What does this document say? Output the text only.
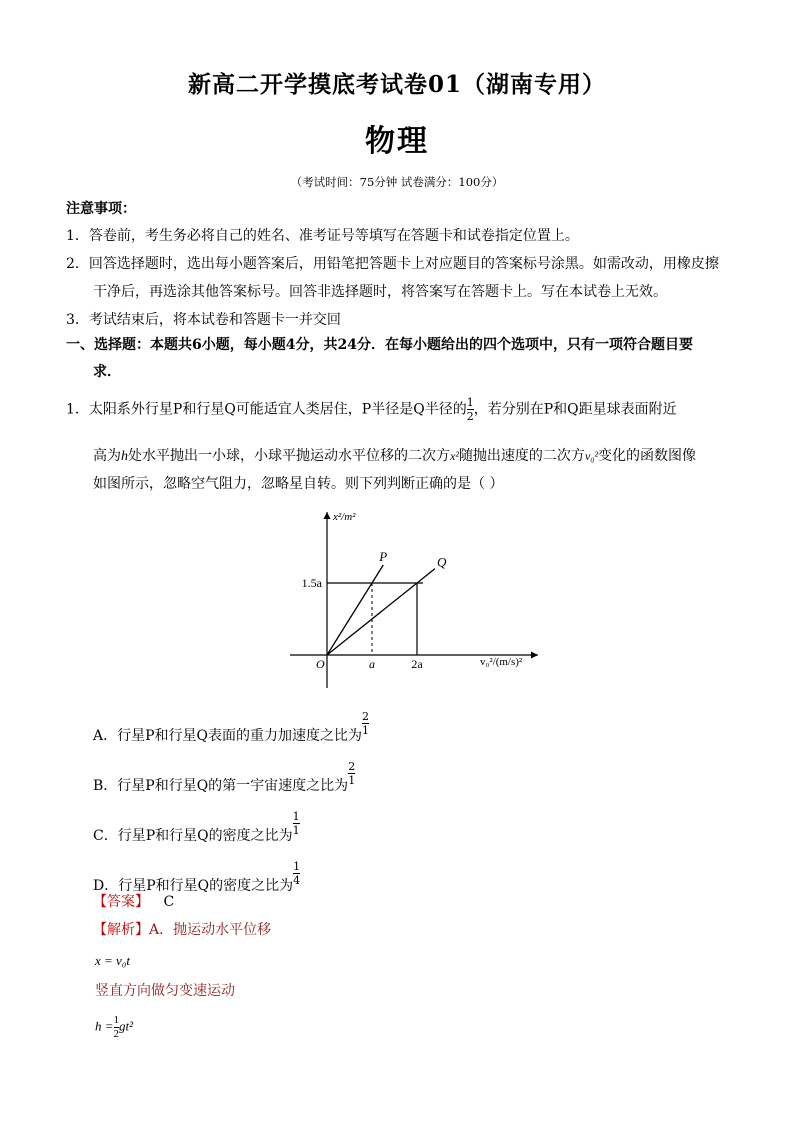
新高二开学摸底考试卷01（湖南专用）
物理
（考试时间：75分钟 试卷满分：100分）
注意事项：
1．答卷前，考生务必将自己的姓名、准考证号等填写在答题卡和试卷指定位置上。
2．回答选择题时，选出每小题答案后，用铅笔把答题卡上对应题目的答案标号涂黑。如需改动，用橡皮擦
干净后，再选涂其他答案标号。回答非选择题时，将答案写在答题卡上。写在本试卷上无效。
3．考试结束后，将本试卷和答题卡一并交回
一、选择题：本题共6小题，每小题4分，共24分．在每小题给出的四个选项中，只有一项符合题目要
求．
1．太阳系外行星P和行星Q可能适宜人类居住，P半径是Q半径的 $\frac{1}{2}$ ，若分别在P和Q距星球表面附近
高为h处水平抛出一小球，小球平抛运动水平位移的二次方x²随抛出速度的二次方v₀²变化的函数图像
如图所示，忽略空气阻力，忽略星自转。则下列判断正确的是（ ）
x²/m²
v₀²/(m/s)²
O	a	2a
1.5a
P	Q
A．行星P和行星Q表面的重力加速度之比为 $\frac{2}{1}$
B．行星P和行星Q的第一宇宙速度之比为 $\frac{2}{1}$
C．行星P和行星Q的密度之比为 $\frac{1}{1}$
D．行星P和行星Q的密度之比为 $\frac{1}{4}$
【答案】 C
【解析】A．抛运动水平位移
x = v₀t
竖直方向做匀变速运动
$h = \frac{1}{2} gt^2$
